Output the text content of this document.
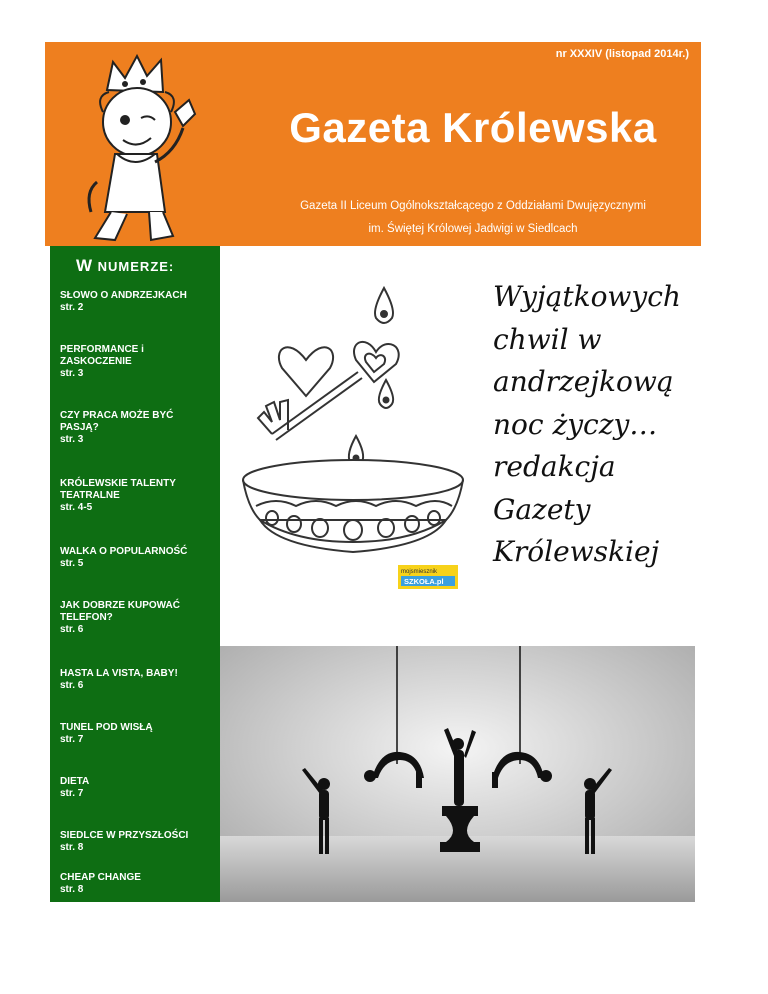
nr XXXIV (listopad 2014r.)
Gazeta Królewska
Gazeta II Liceum Ogólnokształcącego z Oddziałami Dwujęzycznymi
im. Świętej Królowej Jadwigi w Siedlcach
W NUMERZE:
SŁOWO O ANDRZEJKACH
str. 2
PERFORMANCE i ZASKOCZENIE
str. 3
CZY PRACA MOŻE BYĆ PASJĄ?
str. 3
KRÓLEWSKIE TALENTY TEATRALNE
str. 4-5
WALKA O POPULARNOŚĆ
str. 5
JAK DOBRZE KUPOWAĆ TELEFON?
str. 6
HASTA LA VISTA, BABY!
str. 6
TUNEL POD WISŁĄ
str. 7
DIETA
str. 7
SIEDLCE W PRZYSZŁOŚCI
str. 8
CHEAP CHANGE
str. 8
Wyjątkowych
chwil w
andrzejkową
noc życzy…
redakcja
Gazety
Królewskiej
mojsmiesznik
SZKOŁA.pl
